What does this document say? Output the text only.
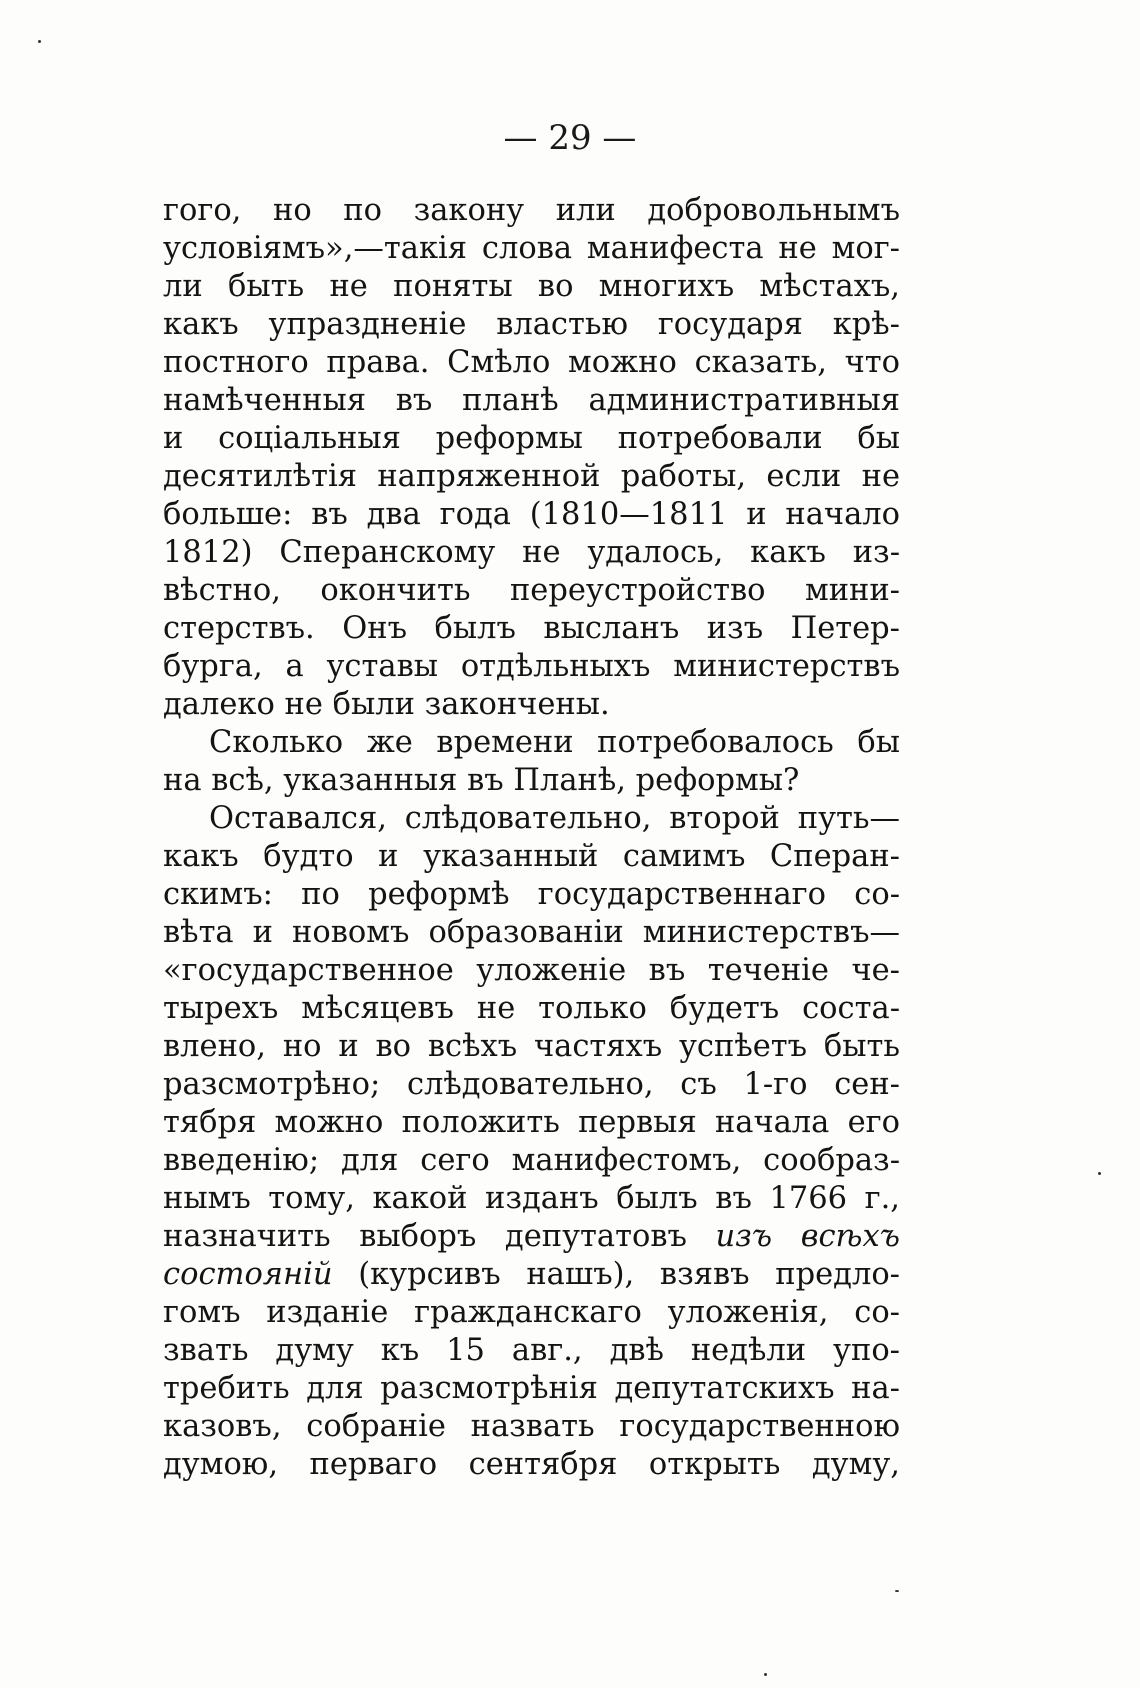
— 29 —
гого, но по закону или добровольнымъ
условіямъ»,—такія слова манифеста не мог-
ли быть не поняты во многихъ мѣстахъ,
какъ упраздненіе властью государя крѣ-
постного права. Смѣло можно сказать, что
намѣченныя въ планѣ административныя
и соціальныя реформы потребовали бы
десятилѣтія напряженной работы, если не
больше: въ два года (1810—1811 и начало
1812) Сперанскому не удалось, какъ из-
вѣстно, окончить переустройство мини-
стерствъ. Онъ былъ высланъ изъ Петер-
бурга, а уставы отдѣльныхъ министерствъ
далеко не были закончены.
Сколько же времени потребовалось бы
на всѣ, указанныя въ Планѣ, реформы?
Оставался, слѣдовательно, второй путь—
какъ будто и указанный самимъ Сперан-
скимъ: по реформѣ государственнаго со-
вѣта и новомъ образованіи министерствъ—
«государственное уложеніе въ теченіе че-
тырехъ мѣсяцевъ не только будетъ соста-
влено, но и во всѣхъ частяхъ успѣетъ быть
разсмотрѣно; слѣдовательно, съ 1-го сен-
тября можно положить первыя начала его
введенію; для сего манифестомъ, сообраз-
нымъ тому, какой изданъ былъ въ 1766 г.,
назначить выборъ депутатовъ изъ всѣхъ
состояній (курсивъ нашъ), взявъ предло-
гомъ изданіе гражданскаго уложенія, со-
звать думу къ 15 авг., двѣ недѣли упо-
требить для разсмотрѣнія депутатскихъ на-
казовъ, собраніе назвать государственною
думою, перваго сентября открыть думу,
